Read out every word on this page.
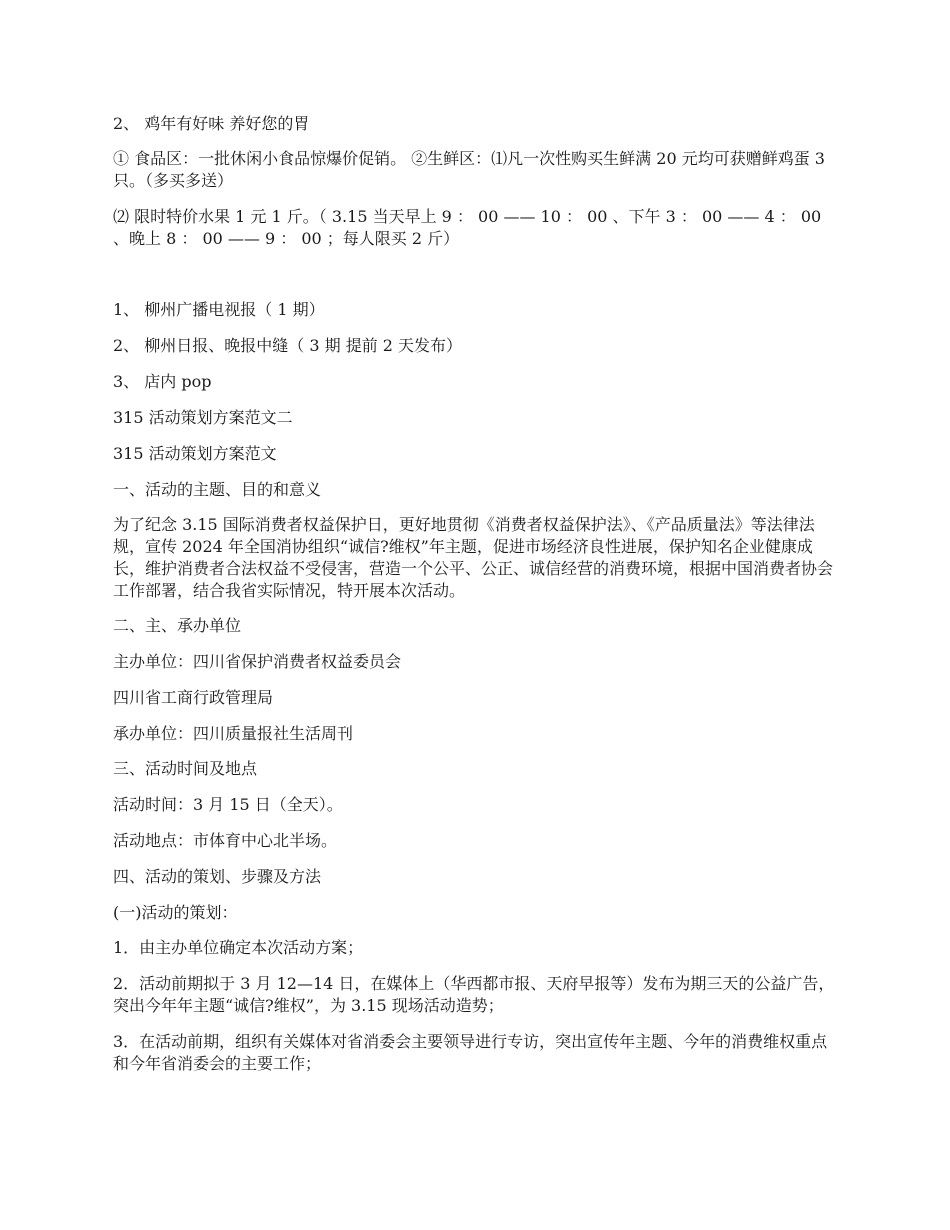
2、 鸡年有好味 养好您的胃

① 食品区：一批休闲小食品惊爆价促销。 ②生鲜区：⑴凡一次性购买生鲜满 20 元均可获赠鲜鸡蛋 3 只。（多买多送）

⑵ 限时特价水果 1 元 1 斤。（ 3.15 当天早上 9 ： 00 —— 10 ： 00 、下午 3 ： 00 —— 4 ： 00 、晚上 8 ： 00 —— 9 ： 00 ；每人限买 2 斤）

1、 柳州广播电视报（ 1 期）

2、 柳州日报、晚报中缝（ 3 期 提前 2 天发布）

3、 店内 pop

315 活动策划方案范文二

315 活动策划方案范文

一、活动的主题、目的和意义

为了纪念 3.15 国际消费者权益保护日，更好地贯彻《消费者权益保护法》、《产品质量法》等法律法规，宣传 2024 年全国消协组织“诚信?维权”年主题，促进市场经济良性进展，保护知名企业健康成长，维护消费者合法权益不受侵害，营造一个公平、公正、诚信经营的消费环境，根据中国消费者协会工作部署，结合我省实际情况，特开展本次活动。

二、主、承办单位

主办单位：四川省保护消费者权益委员会

四川省工商行政管理局

承办单位：四川质量报社生活周刊

三、活动时间及地点

活动时间：3 月 15 日（全天）。

活动地点：市体育中心北半场。

四、活动的策划、步骤及方法

(一)活动的策划：

1．由主办单位确定本次活动方案；

2．活动前期拟于 3 月 12—14 日，在媒体上（华西都市报、天府早报等）发布为期三天的公益广告，突出今年年主题“诚信?维权”，为 3.15 现场活动造势；

3．在活动前期，组织有关媒体对省消委会主要领导进行专访，突出宣传年主题、今年的消费维权重点和今年省消委会的主要工作；
